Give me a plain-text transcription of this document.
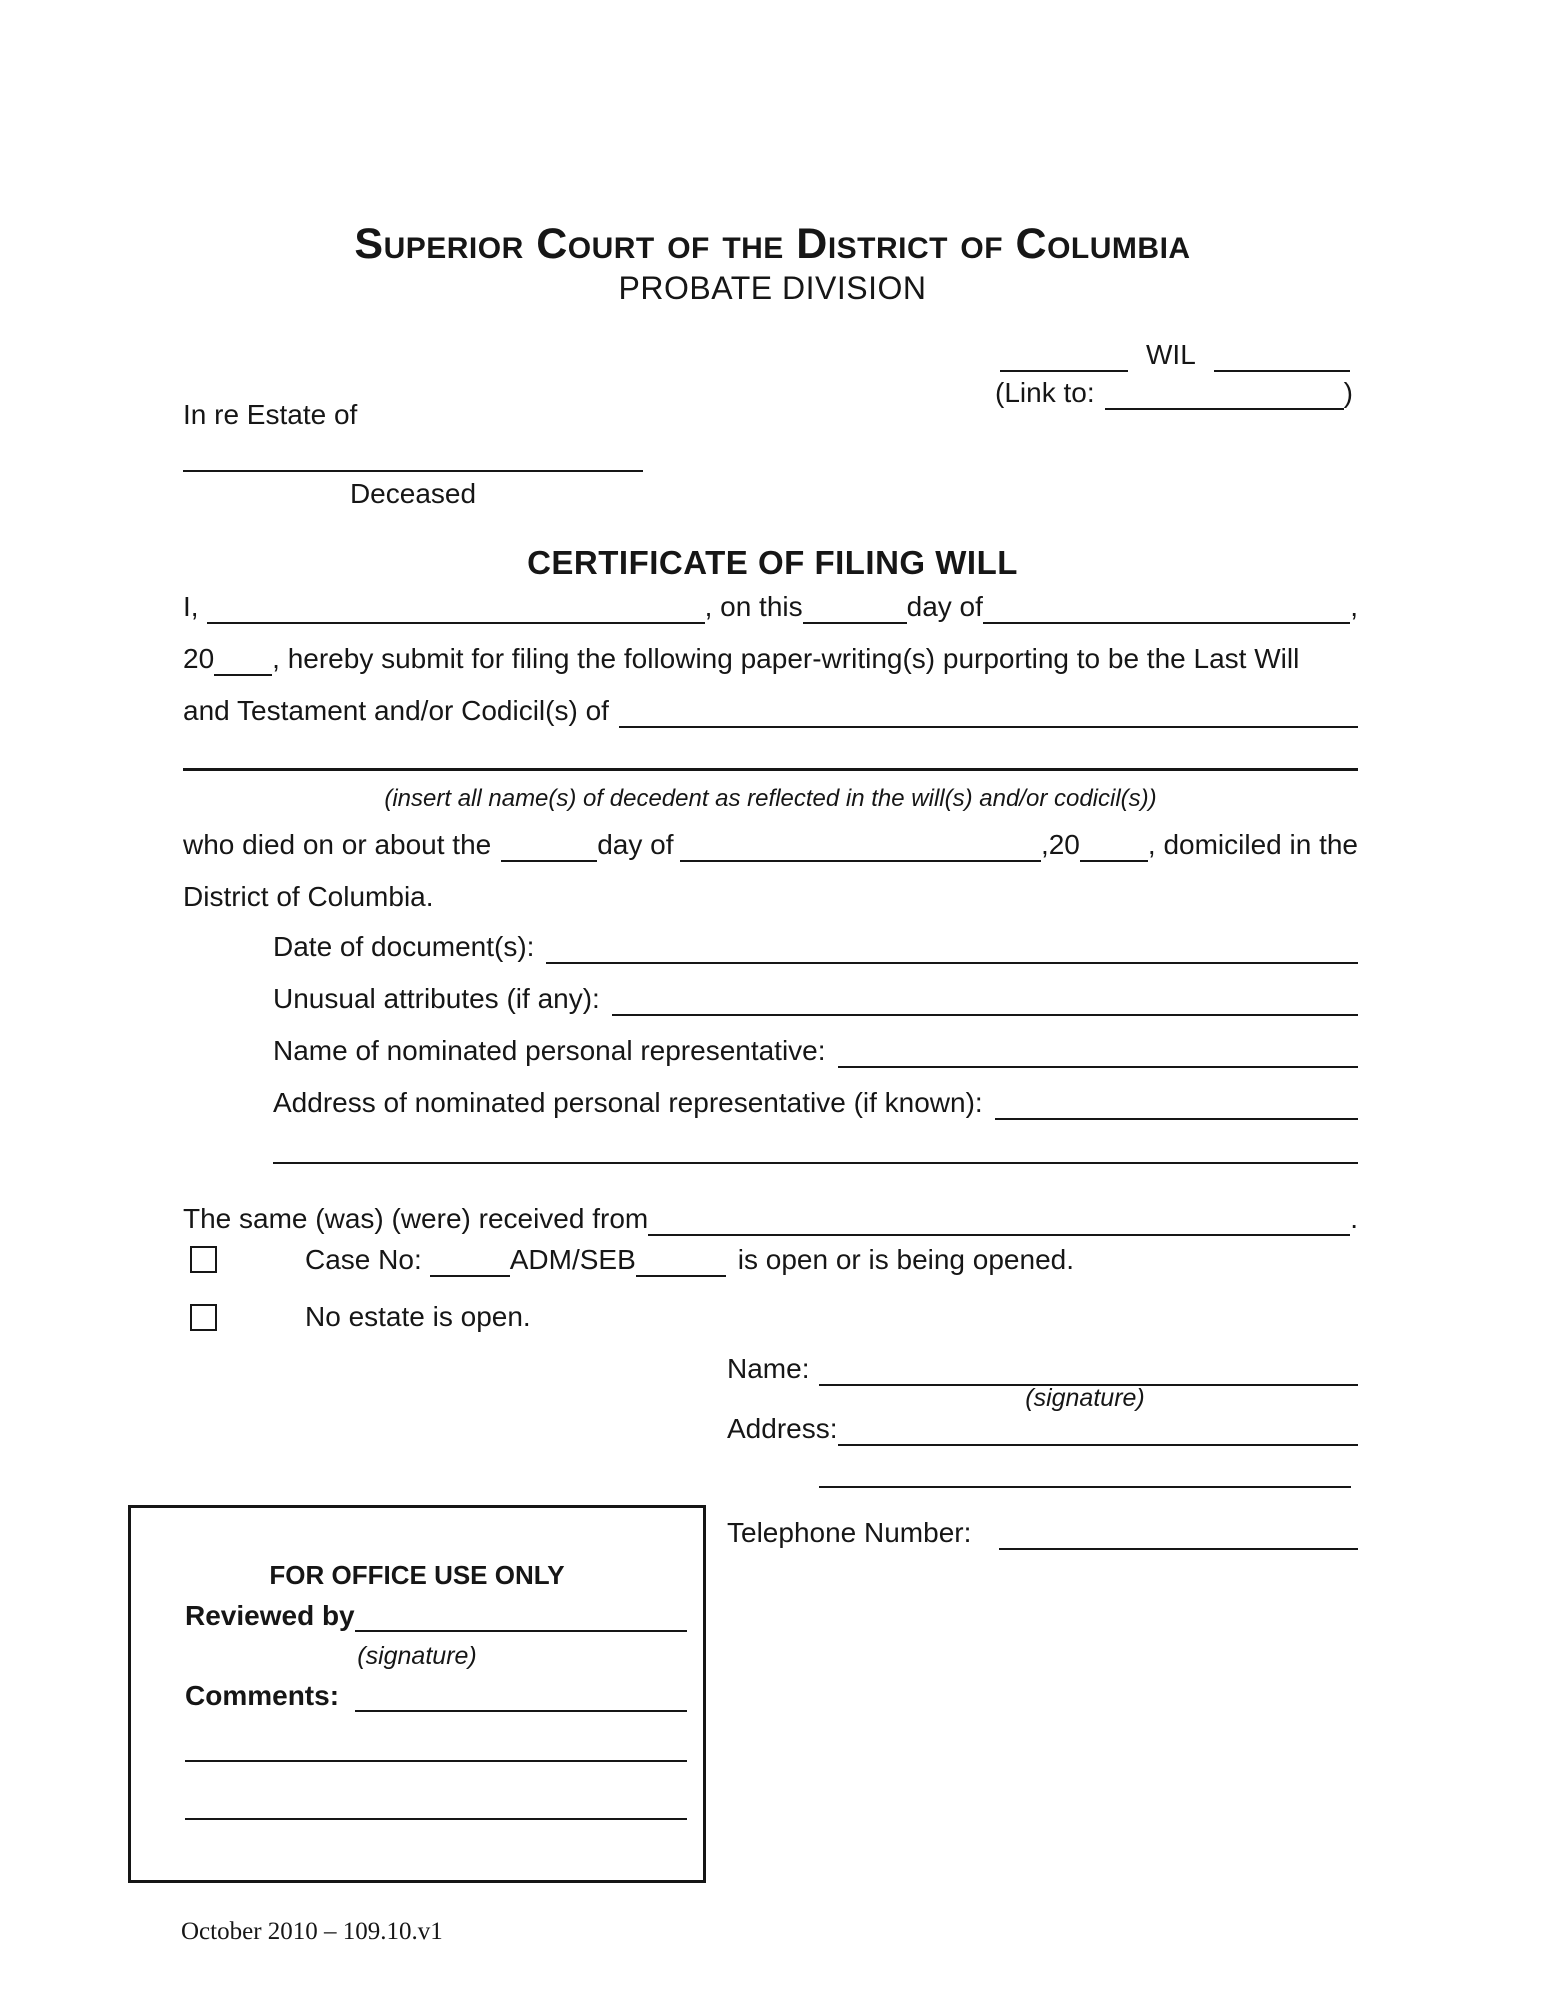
Superior Court of the District of Columbia
PROBATE DIVISION
WIL
(Link to:	)
In re Estate of
Deceased
CERTIFICATE OF FILING WILL
I,	, on this	day of	,
20 , hereby submit for filing the following paper-writing(s) purporting to be the Last Will
and Testament and/or Codicil(s) of
(insert all name(s) of decedent as reflected in the will(s) and/or codicil(s))
who died on or about the	day of	,20 , domiciled in the
District of Columbia.
Date of document(s):
Unusual attributes (if any):
Name of nominated personal representative:
Address of nominated personal representative (if known):
The same (was) (were) received from	.
Case No:	ADM/SEB	is open or is being opened.
No estate is open.
Name:
(signature)
Address:
Telephone Number:
FOR OFFICE USE ONLY
Reviewed by
(signature)
Comments:
October 2010 – 109.10.v1
